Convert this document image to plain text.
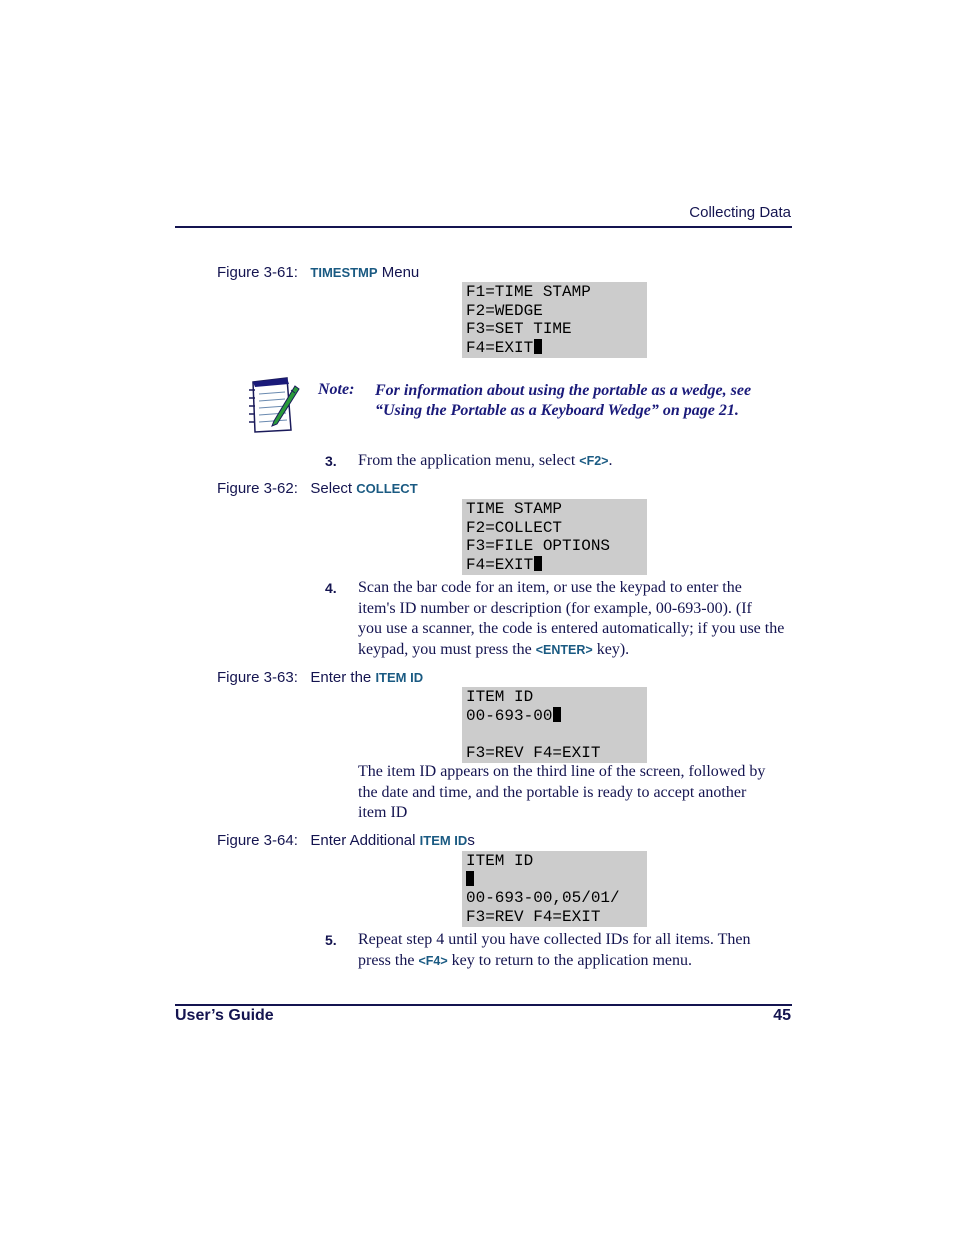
Collecting Data
Figure 3-61: TIMESTMP Menu
F1=TIME STAMP
F2=WEDGE
F3=SET TIME
F4=EXIT
Note: For information about using the portable as a wedge, see
“Using the Portable as a Keyboard Wedge” on page 21.
3. From the application menu, select <F2>.
Figure 3-62: Select COLLECT
TIME STAMP
F2=COLLECT
F3=FILE OPTIONS
F4=EXIT
4. Scan the bar code for an item, or use the keypad to enter the
item's ID number or description (for example, 00-693-00). (If
you use a scanner, the code is entered automatically; if you use the
keypad, you must press the <ENTER> key).
Figure 3-63: Enter the ITEM ID
ITEM ID
00-693-00

F3=REV F4=EXIT
The item ID appears on the third line of the screen, followed by
the date and time, and the portable is ready to accept another
item ID
Figure 3-64: Enter Additional ITEM IDs
ITEM ID

00-693-00,05/01/
F3=REV F4=EXIT
5. Repeat step 4 until you have collected IDs for all items. Then
press the <F4> key to return to the application menu.
User’s Guide	45
